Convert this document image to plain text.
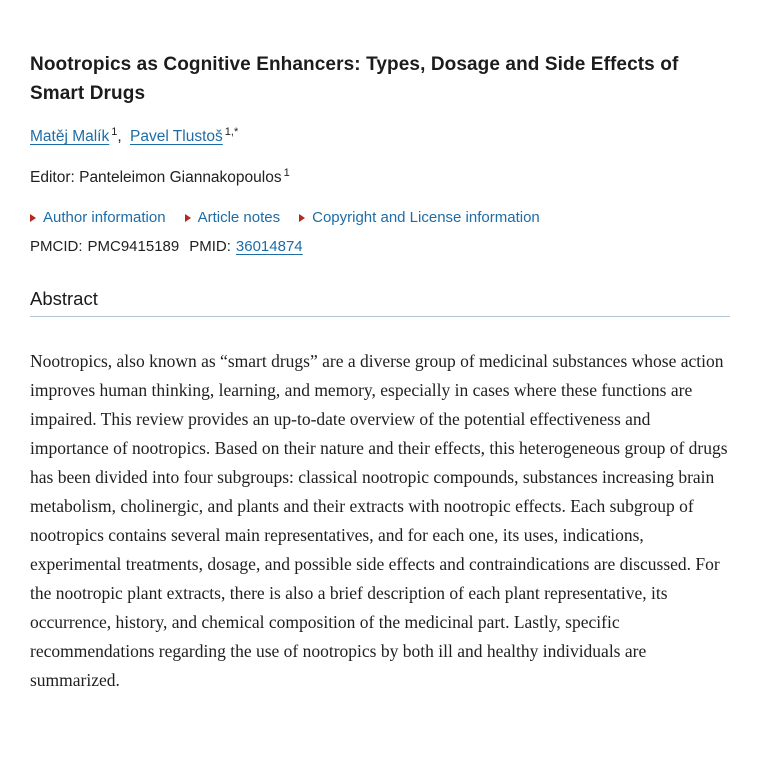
Nootropics as Cognitive Enhancers: Types, Dosage and Side Effects of Smart Drugs
Matěj Malík $^1$, Pavel Tlustoš $^{1,*}$
Editor: Panteleimon Giannakopoulos $^1$
Author information Article notes Copyright and License information
PMCID: PMC9415189 PMID: 36014874
Abstract

Nootropics, also known as “smart drugs” are a diverse group of medicinal substances whose action improves human thinking, learning, and memory, especially in cases where these functions are impaired. This review provides an up-to-date overview of the potential effectiveness and importance of nootropics. Based on their nature and their effects, this heterogeneous group of drugs has been divided into four subgroups: classical nootropic compounds, substances increasing brain metabolism, cholinergic, and plants and their extracts with nootropic effects. Each subgroup of nootropics contains several main representatives, and for each one, its uses, indications, experimental treatments, dosage, and possible side effects and contraindications are discussed. For the nootropic plant extracts, there is also a brief description of each plant representative, its occurrence, history, and chemical composition of the medicinal part. Lastly, specific recommendations regarding the use of nootropics by both ill and healthy individuals are summarized.
